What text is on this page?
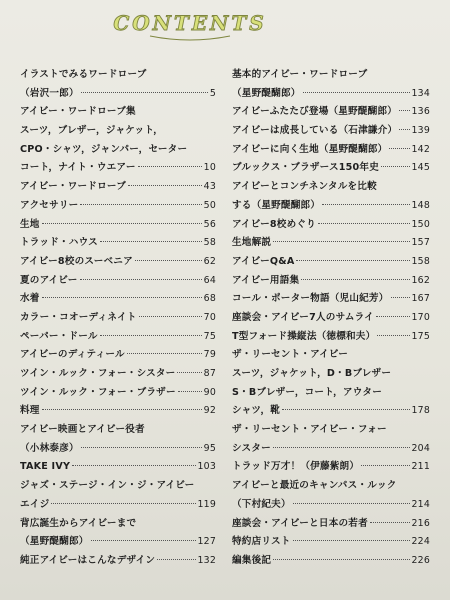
CONTENTS
イラストでみるワードローブ
（岩沢一郎）	5
アイビー・ワードローブ集
スーツ，ブレザー，ジャケット，
CPO・シャツ，ジャンパー，セーター
コート，ナイト・ウエアー	10
アイビー・ワードローブ	43
アクセサリー	50
生地	56
トラッド・ハウス	58
アイビー8校のスーベニア	62
夏のアイビー	64
水着	68
カラー・コオーディネイト	70
ペーパー・ドール	75
アイビーのディティール	79
ツイン・ルック・フォー・シスター	87
ツイン・ルック・フォー・ブラザー	90
料理	92
アイビー映画とアイビー役者
（小林泰彦）	95
TAKE IVY	103
ジャズ・ステージ・イン・ジ・アイビー
エイジ	119
背広誕生からアイビーまで
（星野醍醐郎）	127
純正アイビーはこんなデザイン	132
基本的アイビー・ワードローブ
（星野醍醐郎）	134
アイビーふたたび登場（星野醍醐郎） 136
アイビーは成長している（石津謙介） 139
アイビーに向く生地（星野醍醐郎）	142
ブルックス・ブラザース150年史	145
アイビーとコンチネンタルを比較
する（星野醍醐郎）	148
アイビー8校めぐり	150
生地解説	157
アイビーQ&A	158
アイビー用語集	162
コール・ポーター物語（児山紀芳） 167
座談会・アイビー7人のサムライ	170
T型フォード操縦法（徳標和夫）	175
ザ・リーセント・アイビー
スーツ，ジャケット，D・Bブレザー
S・Bブレザー，コート，アウター
シャツ，靴	178
ザ・リーセント・アイビー・フォー
シスター	204
トラッド万才！（伊藤紫朗）	211
アイビーと最近のキャンパス・ルック
（下村紀夫）	214
座談会・アイビーと日本の若者	216
特約店リスト	224
編集後記	226
